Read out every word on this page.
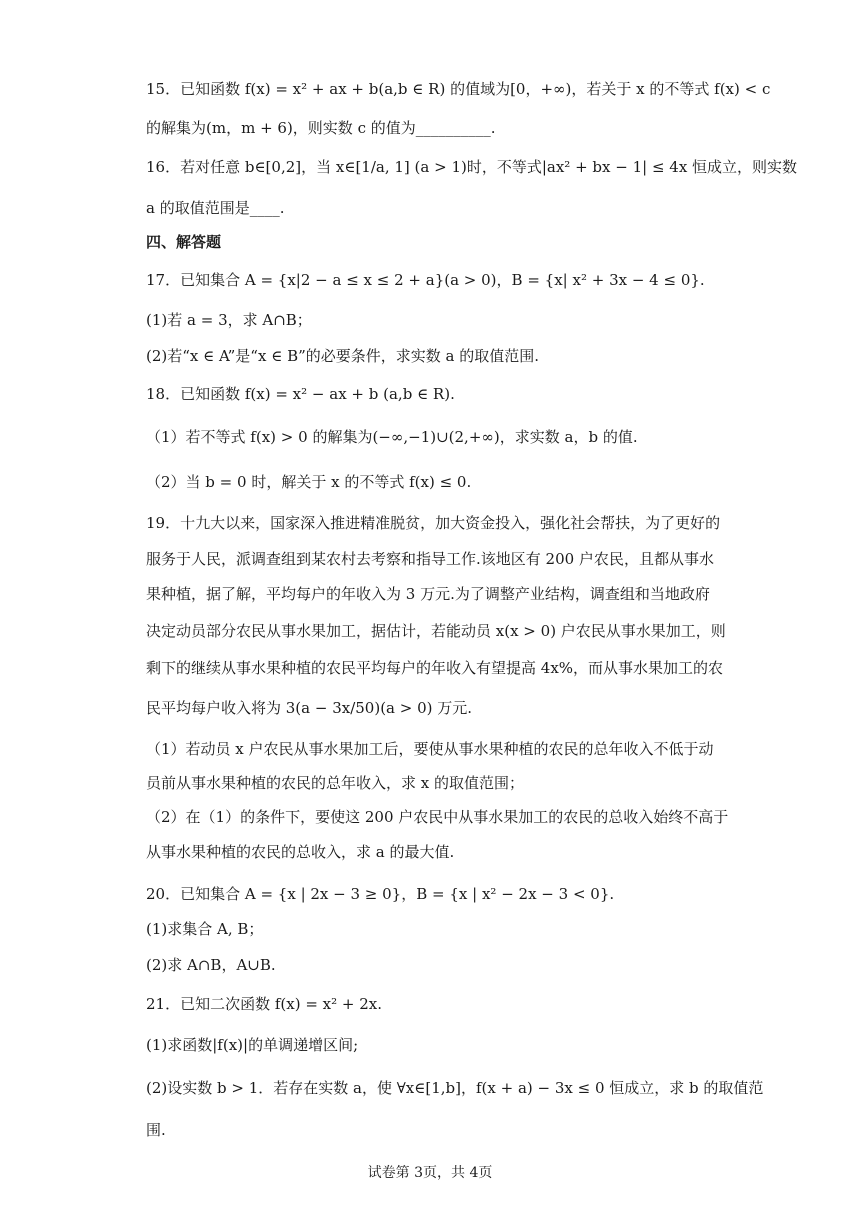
15．已知函数 f(x) = x² + ax + b(a,b ∈ R) 的值域为[0，+∞)，若关于 x 的不等式 f(x) < c
的解集为(m，m + 6)，则实数 c 的值为__________.
16．若对任意 b∈[0,2]，当 x∈[1/a, 1] (a > 1)时，不等式|ax² + bx − 1| ≤ 4x 恒成立，则实数
a 的取值范围是____.
四、解答题
17．已知集合 A = {x|2 − a ≤ x ≤ 2 + a}(a > 0)，B = {x| x² + 3x − 4 ≤ 0}.
(1)若 a = 3，求 A∩B；
(2)若“x ∈ A”是“x ∈ B”的必要条件，求实数 a 的取值范围.
18．已知函数 f(x) = x² − ax + b (a,b ∈ R).
（1）若不等式 f(x) > 0 的解集为(−∞,−1)∪(2,+∞)，求实数 a，b 的值.
（2）当 b = 0 时，解关于 x 的不等式 f(x) ≤ 0.
19．十九大以来，国家深入推进精准脱贫，加大资金投入，强化社会帮扶，为了更好的
服务于人民，派调查组到某农村去考察和指导工作.该地区有 200 户农民，且都从事水
果种植，据了解，平均每户的年收入为 3 万元.为了调整产业结构，调查组和当地政府
决定动员部分农民从事水果加工，据估计，若能动员 x(x > 0) 户农民从事水果加工，则
剩下的继续从事水果种植的农民平均每户的年收入有望提高 4x%，而从事水果加工的农
民平均每户收入将为 3(a − 3x/50)(a > 0) 万元.
（1）若动员 x 户农民从事水果加工后，要使从事水果种植的农民的总年收入不低于动
员前从事水果种植的农民的总年收入，求 x 的取值范围；
（2）在（1）的条件下，要使这 200 户农民中从事水果加工的农民的总收入始终不高于
从事水果种植的农民的总收入，求 a 的最大值.
20．已知集合 A = {x | 2x − 3 ≥ 0}，B = {x | x² − 2x − 3 < 0}.
(1)求集合 A, B；
(2)求 A∩B，A∪B.
21．已知二次函数 f(x) = x² + 2x.
(1)求函数|f(x)|的单调递增区间;
(2)设实数 b > 1．若存在实数 a，使 ∀x∈[1,b]，f(x + a) − 3x ≤ 0 恒成立，求 b 的取值范
围.
试卷第 3页，共 4页
